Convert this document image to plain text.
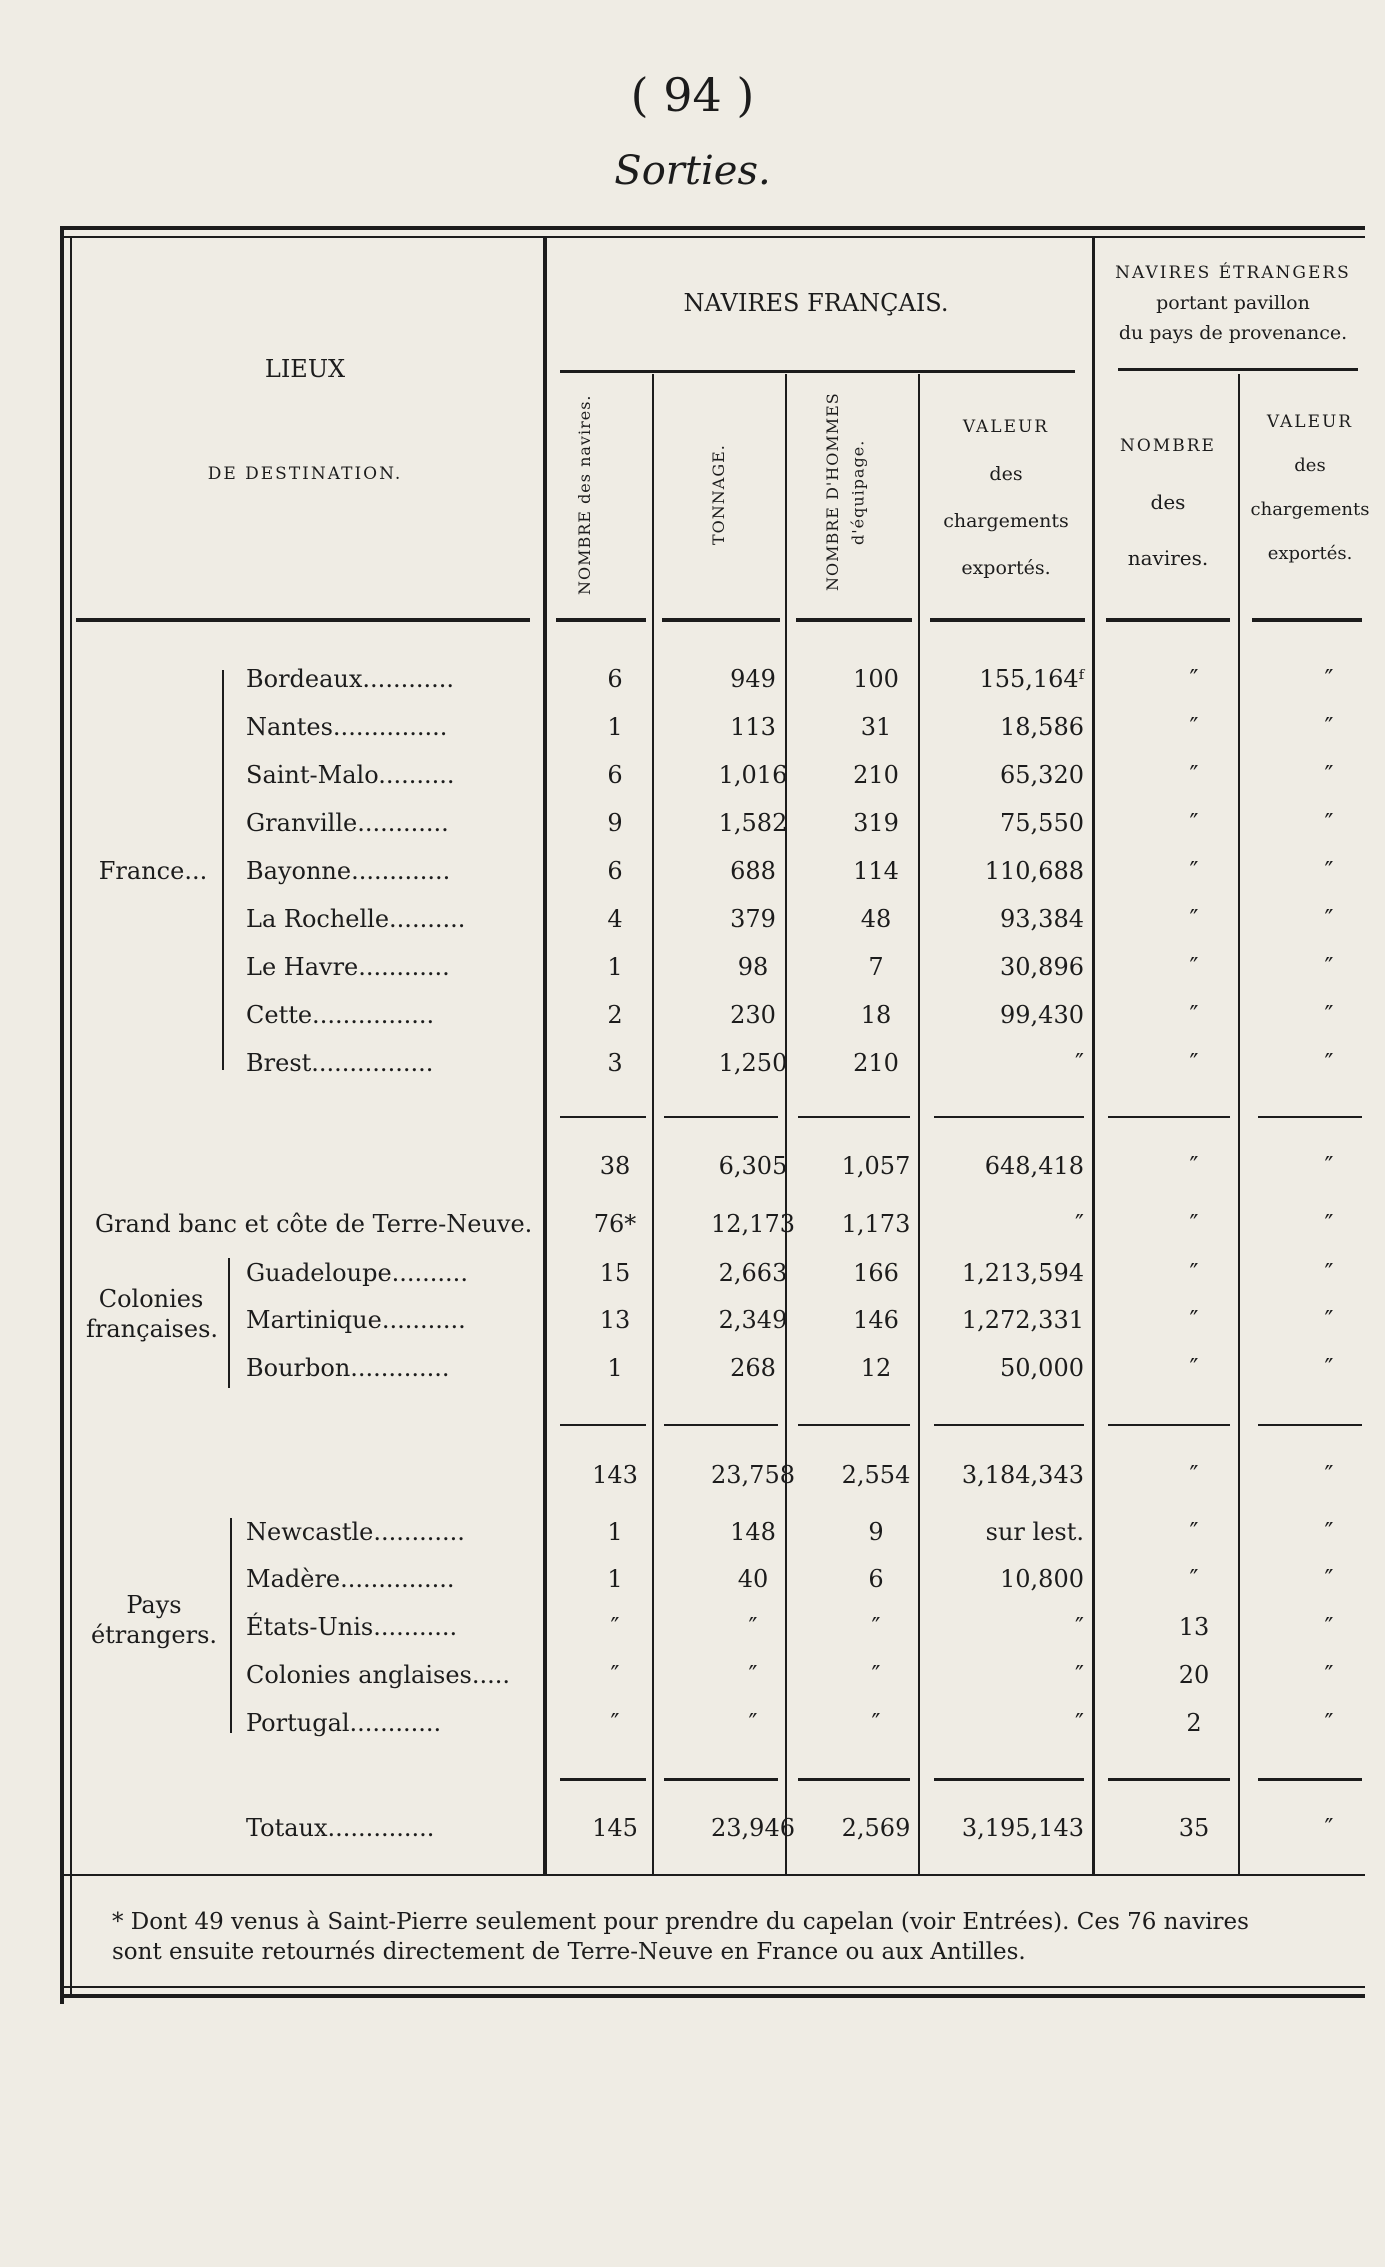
( 94 )
Sorties.
LIEUX
DE DESTINATION.
NAVIRES FRANÇAIS.
NOMBRE des navires.	TONNAGE.	NOMBRE D'HOMMES d'équipage.
VALEUR
des
chargements
exportés.
NAVIRES ÉTRANGERS
portant pavillon
du pays de provenance.
NOMBRE
des
navires.
VALEUR
des
chargements
exportés.
France...
Colonies
françaises.
Pays
étrangers.
Bordeaux............	6	949	100	155,164ᶠ	″	″
Nantes...............	1	113	31	18,586	″	″
Saint-Malo..........	6	1,016	210	65,320	″	″
Granville............	9	1,582	319	75,550	″	″
Bayonne.............	6	688	114	110,688	″	″
La Rochelle..........	4	379	48	93,384	″	″
Le Havre............	1	98	7	30,896	″	″
Cette................	2	230	18	99,430	″	″
Brest................	3	1,250	210	″	″	″
38	6,305	1,057	648,418	″	″
Grand banc et côte de Terre-Neuve.	76*	12,173	1,173	″	″	″
Guadeloupe..........	15	2,663	166	1,213,594	″	″
Martinique...........	13	2,349	146	1,272,331	″	″
Bourbon.............	1	268	12	50,000	″	″
143	23,758	2,554	3,184,343	″	″
Newcastle............	1	148	9	sur lest.	″	″
Madère...............	1	40	6	10,800	″	″
États-Unis...........	″	″	″	″	13	″
Colonies anglaises.....	″	″	″	″	20	″
Portugal............	″	″	″	″	2	″
Totaux..............	145	23,946	2,569	3,195,143	35	″
* Dont 49 venus à Saint-Pierre seulement pour prendre du capelan (voir Entrées). Ces 76 navires
sont ensuite retournés directement de Terre-Neuve en France ou aux Antilles.
